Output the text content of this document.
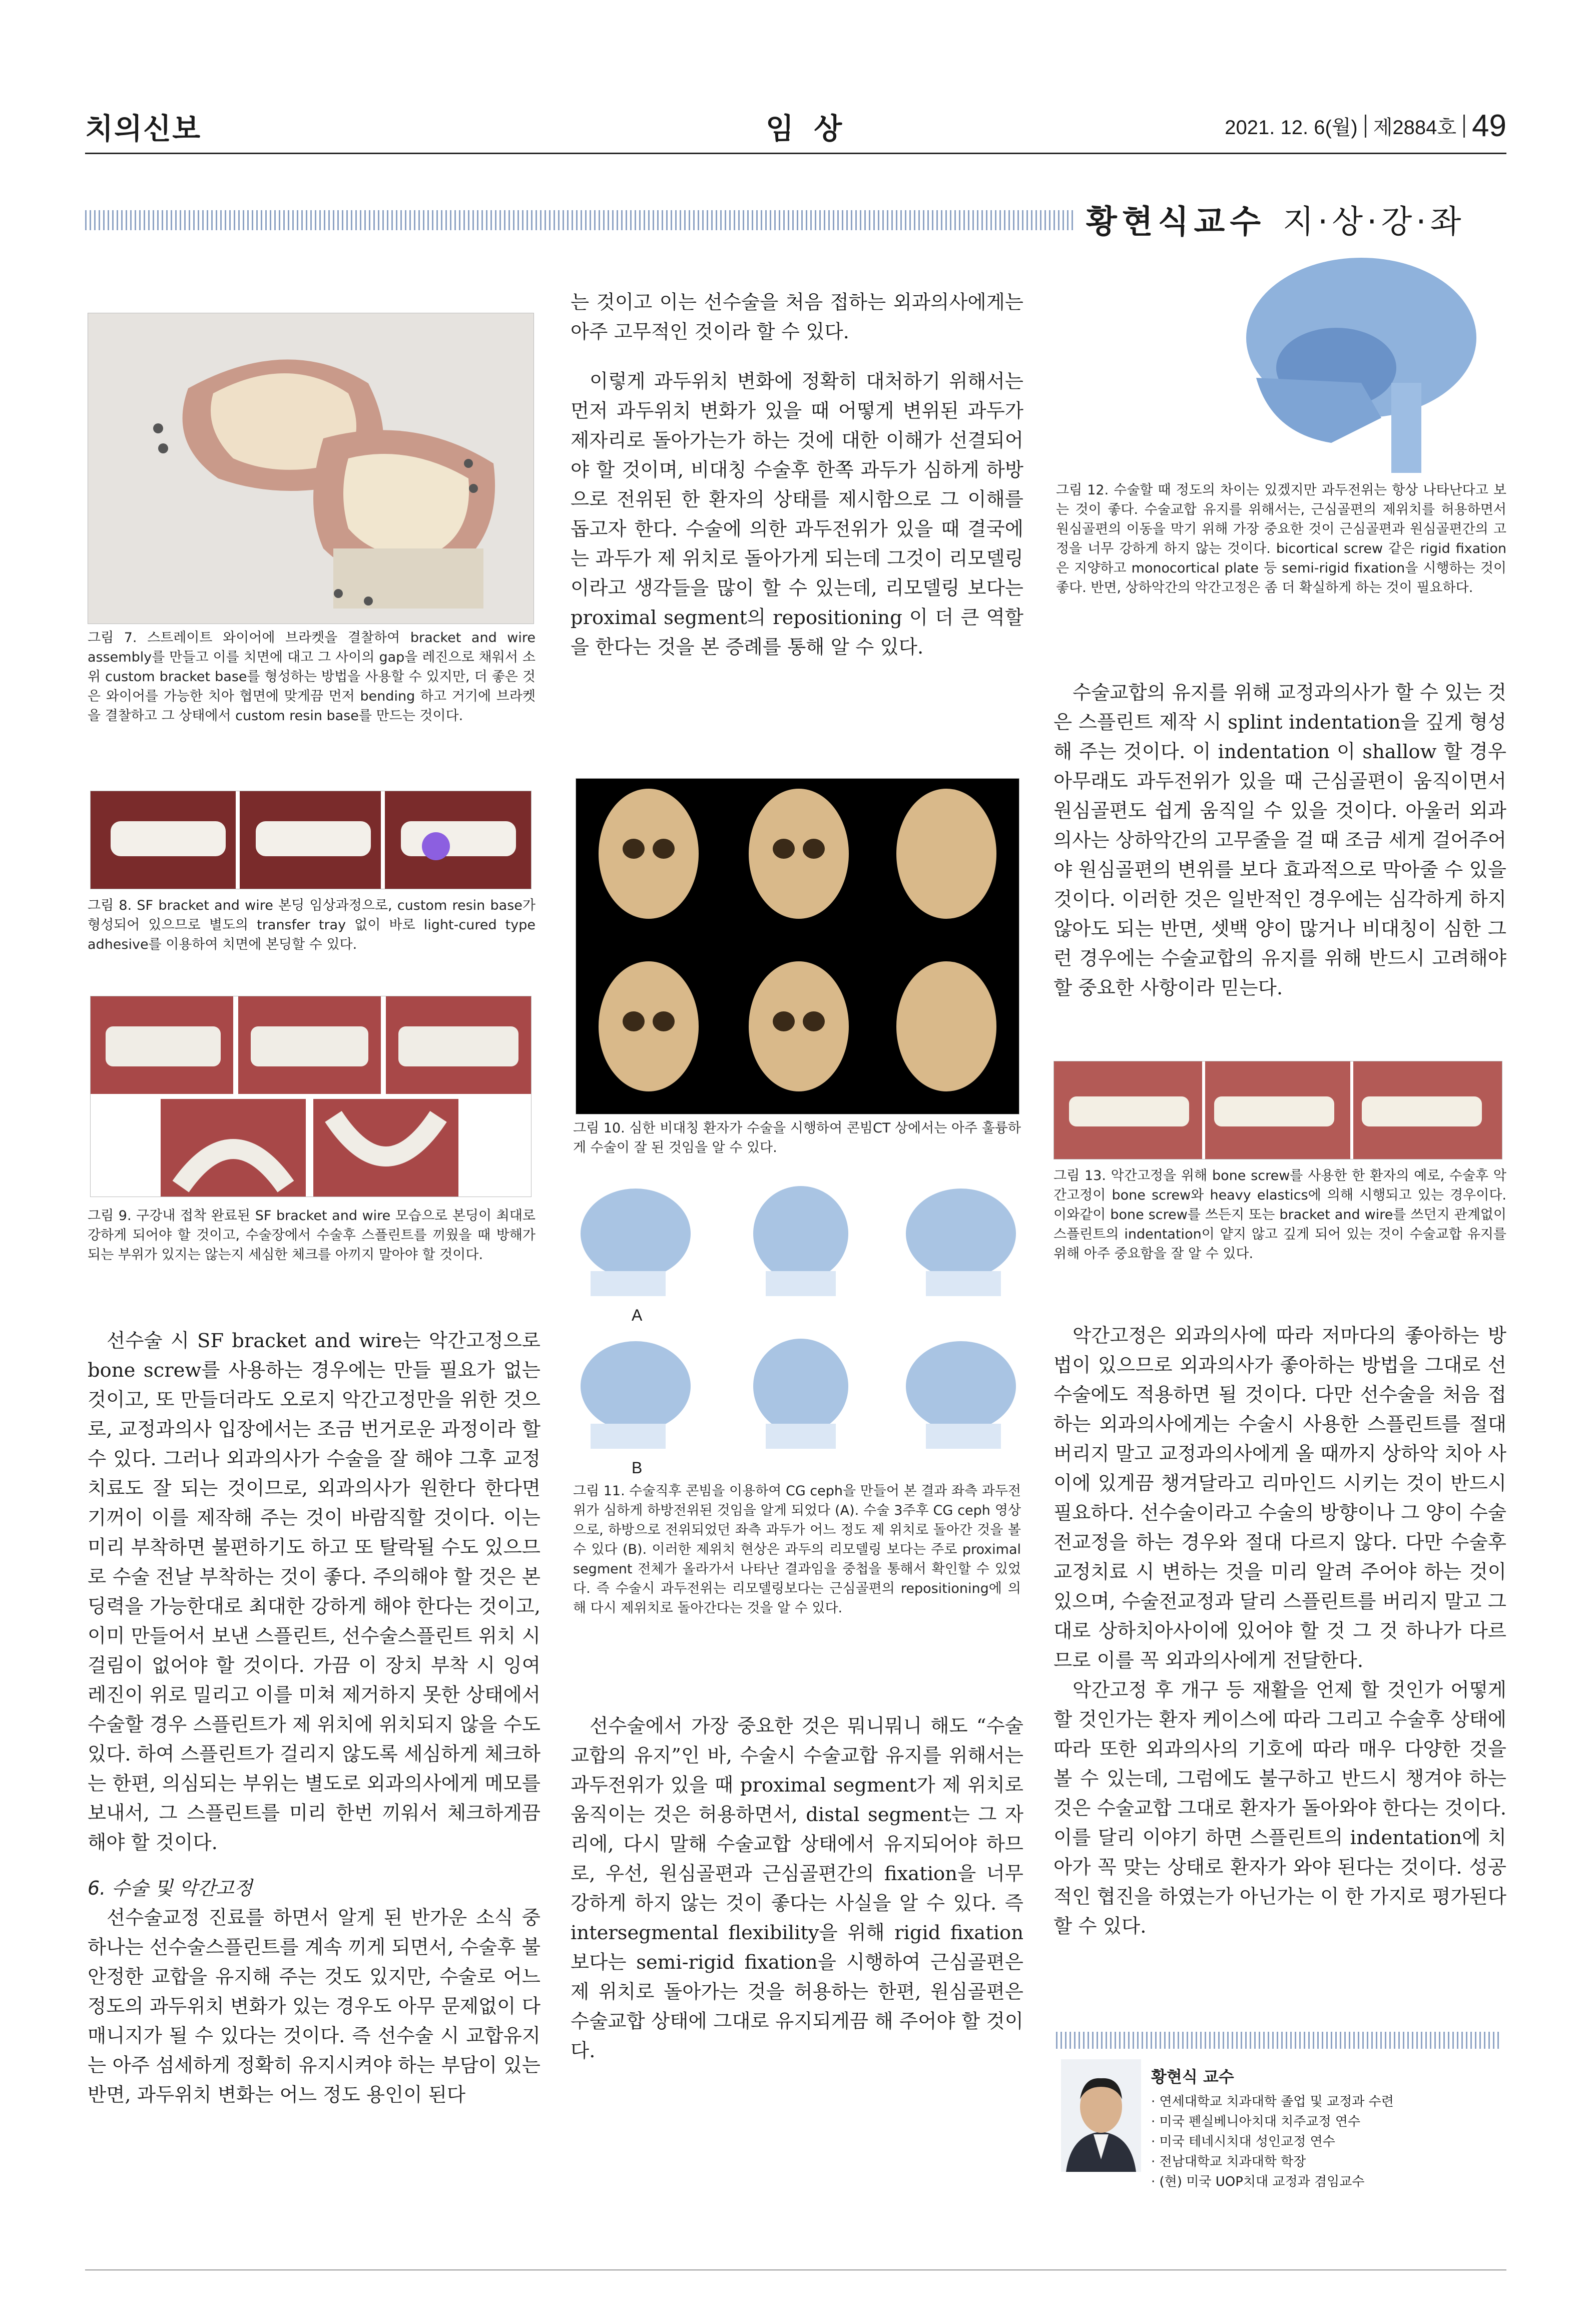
치의신보	임 상	2021. 12. 6(월) 제2884호 49
황현식교수 지·상·강·좌
그림 7. 스트레이트 와이어에 브라켓을 결찰하여 bracket and wire assembly를 만들고 이를 치면에 대고 그 사이의 gap을 레진으로 채워서 소위 custom bracket base를 형성하는 방법을 사용할 수 있지만, 더 좋은 것은 와이어를 가능한 치아 협면에 맞게끔 먼저 bending 하고 거기에 브라켓을 결찰하고 그 상태에서 custom resin base를 만드는 것이다.
그림 8. SF bracket and wire 본딩 임상과정으로, custom resin base가 형성되어 있으므로 별도의 transfer tray 없이 바로 light-cured type adhesive를 이용하여 치면에 본딩할 수 있다.
그림 9. 구강내 접착 완료된 SF bracket and wire 모습으로 본딩이 최대로 강하게 되어야 할 것이고, 수술장에서 수술후 스플린트를 끼웠을 때 방해가 되는 부위가 있지는 않는지 세심한 체크를 아끼지 말아야 할 것이다.

선수술 시 SF bracket and wire는 악간고정으로 bone screw를 사용하는 경우에는 만들 필요가 없는 것이고, 또 만들더라도 오로지 악간고정만을 위한 것으로, 교정과의사 입장에서는 조금 번거로운 과정이라 할 수 있다. 그러나 외과의사가 수술을 잘 해야 그후 교정치료도 잘 되는 것이므로, 외과의사가 원한다 한다면 기꺼이 이를 제작해 주는 것이 바람직할 것이다. 이는 미리 부착하면 불편하기도 하고 또 탈락될 수도 있으므로 수술 전날 부착하는 것이 좋다. 주의해야 할 것은 본딩력을 가능한대로 최대한 강하게 해야 한다는 것이고, 이미 만들어서 보낸 스플린트, 선수술스플린트 위치 시 걸림이 없어야 할 것이다. 가끔 이 장치 부착 시 잉여 레진이 위로 밀리고 이를 미쳐 제거하지 못한 상태에서 수술할 경우 스플린트가 제 위치에 위치되지 않을 수도 있다. 하여 스플린트가 걸리지 않도록 세심하게 체크하는 한편, 의심되는 부위는 별도로 외과의사에게 메모를 보내서, 그 스플린트를 미리 한번 끼워서 체크하게끔 해야 할 것이다.

6. 수술 및 악간고정

선수술교정 진료를 하면서 알게 된 반가운 소식 중 하나는 선수술스플린트를 계속 끼게 되면서, 수술후 불안정한 교합을 유지해 주는 것도 있지만, 수술로 어느 정도의 과두위치 변화가 있는 경우도 아무 문제없이 다 매니지가 될 수 있다는 것이다. 즉 선수술 시 교합유지는 아주 섬세하게 정확히 유지시켜야 하는 부담이 있는 반면, 과두위치 변화는 어느 정도 용인이 된다

는 것이고 이는 선수술을 처음 접하는 외과의사에게는 아주 고무적인 것이라 할 수 있다.

이렇게 과두위치 변화에 정확히 대처하기 위해서는 먼저 과두위치 변화가 있을 때 어떻게 변위된 과두가 제자리로 돌아가는가 하는 것에 대한 이해가 선결되어야 할 것이며, 비대칭 수술후 한쪽 과두가 심하게 하방으로 전위된 한 환자의 상태를 제시함으로 그 이해를 돕고자 한다. 수술에 의한 과두전위가 있을 때 결국에는 과두가 제 위치로 돌아가게 되는데 그것이 리모델링이라고 생각들을 많이 할 수 있는데, 리모델링 보다는 proximal segment의 repositioning 이 더 큰 역할을 한다는 것을 본 증례를 통해 알 수 있다.

그림 10. 심한 비대칭 환자가 수술을 시행하여 콘빔CT 상에서는 아주 훌륭하게 수술이 잘 된 것임을 알 수 있다.
A
B
그림 11. 수술직후 콘빔을 이용하여 CG ceph을 만들어 본 결과 좌측 과두전위가 심하게 하방전위된 것임을 알게 되었다 (A). 수술 3주후 CG ceph 영상으로, 하방으로 전위되었던 좌측 과두가 어느 정도 제 위치로 돌아간 것을 볼 수 있다 (B). 이러한 제위치 현상은 과두의 리모델링 보다는 주로 proximal segment 전체가 올라가서 나타난 결과임을 중첩을 통해서 확인할 수 있었다. 즉 수술시 과두전위는 리모델링보다는 근심골편의 repositioning에 의해 다시 제위치로 돌아간다는 것을 알 수 있다.

선수술에서 가장 중요한 것은 뭐니뭐니 해도 “수술교합의 유지”인 바, 수술시 수술교합 유지를 위해서는 과두전위가 있을 때 proximal segment가 제 위치로 움직이는 것은 허용하면서, distal segment는 그 자리에, 다시 말해 수술교합 상태에서 유지되어야 하므로, 우선, 원심골편과 근심골편간의 fixation을 너무 강하게 하지 않는 것이 좋다는 사실을 알 수 있다. 즉 intersegmental flexibility을 위해 rigid fixation 보다는 semi-rigid fixation을 시행하여 근심골편은 제 위치로 돌아가는 것을 허용하는 한편, 원심골편은 수술교합 상태에 그대로 유지되게끔 해 주어야 할 것이다.

그림 12. 수술할 때 정도의 차이는 있겠지만 과두전위는 항상 나타난다고 보는 것이 좋다. 수술교합 유지를 위해서는, 근심골편의 제위치를 허용하면서 원심골편의 이동을 막기 위해 가장 중요한 것이 근심골편과 원심골편간의 고정을 너무 강하게 하지 않는 것이다. bicortical screw 같은 rigid fixation은 지양하고 monocortical plate 등 semi-rigid fixation을 시행하는 것이 좋다. 반면, 상하악간의 악간고정은 좀 더 확실하게 하는 것이 필요하다.

수술교합의 유지를 위해 교정과의사가 할 수 있는 것은 스플린트 제작 시 splint indentation을 깊게 형성해 주는 것이다. 이 indentation 이 shallow 할 경우 아무래도 과두전위가 있을 때 근심골편이 움직이면서 원심골편도 쉽게 움직일 수 있을 것이다. 아울러 외과의사는 상하악간의 고무줄을 걸 때 조금 세게 걸어주어야 원심골편의 변위를 보다 효과적으로 막아줄 수 있을 것이다. 이러한 것은 일반적인 경우에는 심각하게 하지 않아도 되는 반면, 셋백 양이 많거나 비대칭이 심한 그런 경우에는 수술교합의 유지를 위해 반드시 고려해야 할 중요한 사항이라 믿는다.

그림 13. 악간고정을 위해 bone screw를 사용한 한 환자의 예로, 수술후 악간고정이 bone screw와 heavy elastics에 의해 시행되고 있는 경우이다. 이와같이 bone screw를 쓰든지 또는 bracket and wire를 쓰던지 관계없이 스플린트의 indentation이 얕지 않고 깊게 되어 있는 것이 수술교합 유지를 위해 아주 중요함을 잘 알 수 있다.

악간고정은 외과의사에 따라 저마다의 좋아하는 방법이 있으므로 외과의사가 좋아하는 방법을 그대로 선수술에도 적용하면 될 것이다. 다만 선수술을 처음 접하는 외과의사에게는 수술시 사용한 스플린트를 절대 버리지 말고 교정과의사에게 올 때까지 상하악 치아 사이에 있게끔 챙겨달라고 리마인드 시키는 것이 반드시 필요하다. 선수술이라고 수술의 방향이나 그 양이 수술전교정을 하는 경우와 절대 다르지 않다. 다만 수술후 교정치료 시 변하는 것을 미리 알려 주어야 하는 것이 있으며, 수술전교정과 달리 스플린트를 버리지 말고 그대로 상하치아사이에 있어야 할 것 그 것 하나가 다르므로 이를 꼭 외과의사에게 전달한다.

악간고정 후 개구 등 재활을 언제 할 것인가 어떻게 할 것인가는 환자 케이스에 따라 그리고 수술후 상태에 따라 또한 외과의사의 기호에 따라 매우 다양한 것을 볼 수 있는데, 그럼에도 불구하고 반드시 챙겨야 하는 것은 수술교합 그대로 환자가 돌아와야 한다는 것이다. 이를 달리 이야기 하면 스플린트의 indentation에 치아가 꼭 맞는 상태로 환자가 와야 된다는 것이다. 성공적인 협진을 하였는가 아닌가는 이 한 가지로 평가된다 할 수 있다.

황현식 교수
· 연세대학교 치과대학 졸업 및 교정과 수련
· 미국 펜실베니아치대 치주교정 연수
· 미국 테네시치대 성인교정 연수
· 전남대학교 치과대학 학장
· (현) 미국 UOP치대 교정과 겸임교수
